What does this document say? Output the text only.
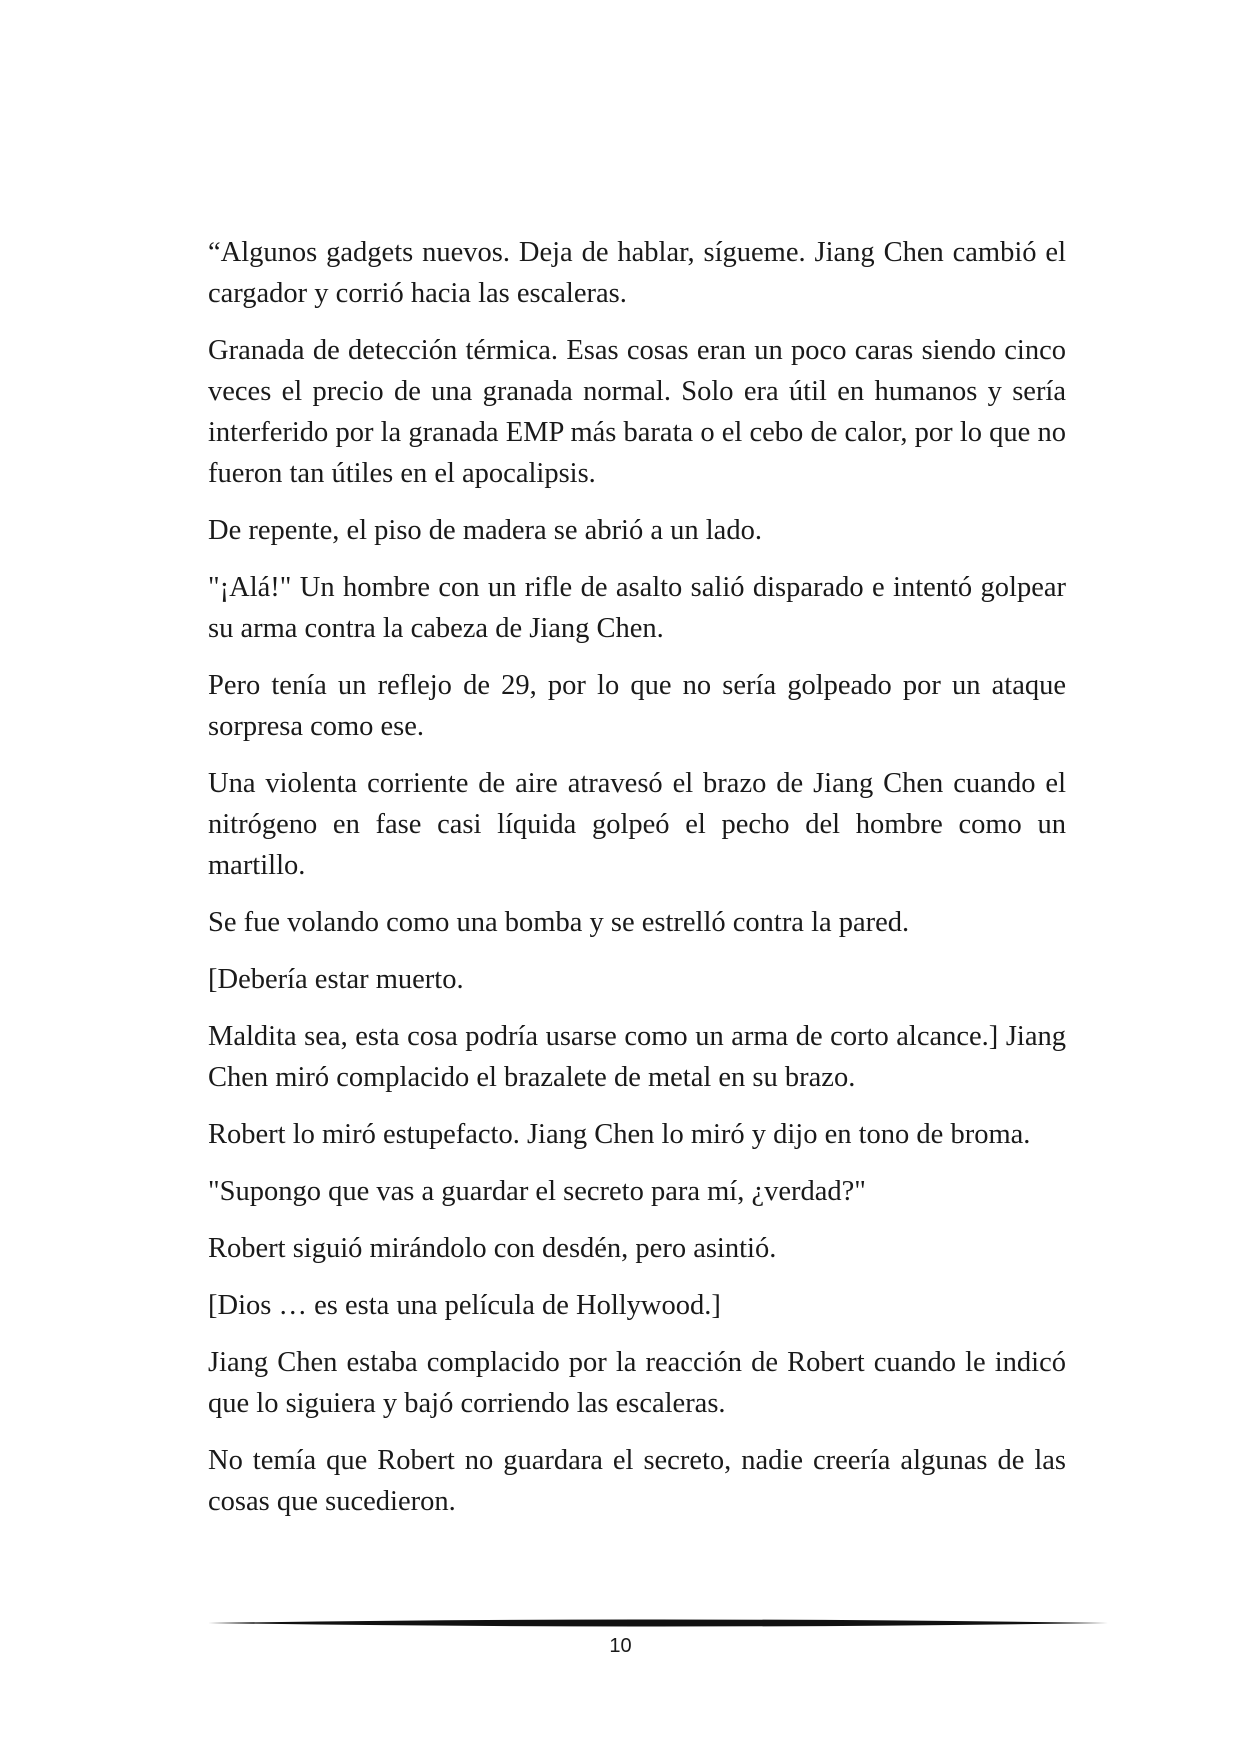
“Algunos gadgets nuevos. Deja de hablar, sígueme. Jiang Chen cambió el cargador y corrió hacia las escaleras.

Granada de detección térmica. Esas cosas eran un poco caras siendo cinco veces el precio de una granada normal. Solo era útil en humanos y sería interferido por la granada EMP más barata o el cebo de calor, por lo que no fueron tan útiles en el apocalipsis.

De repente, el piso de madera se abrió a un lado.

"¡Alá!" Un hombre con un rifle de asalto salió disparado e intentó golpear su arma contra la cabeza de Jiang Chen.

Pero tenía un reflejo de 29, por lo que no sería golpeado por un ataque sorpresa como ese.

Una violenta corriente de aire atravesó el brazo de Jiang Chen cuando el nitrógeno en fase casi líquida golpeó el pecho del hombre como un martillo.

Se fue volando como una bomba y se estrelló contra la pared.

[Debería estar muerto.

Maldita sea, esta cosa podría usarse como un arma de corto alcance.] Jiang Chen miró complacido el brazalete de metal en su brazo.

Robert lo miró estupefacto. Jiang Chen lo miró y dijo en tono de broma.

"Supongo que vas a guardar el secreto para mí, ¿verdad?"

Robert siguió mirándolo con desdén, pero asintió.

[Dios … es esta una película de Hollywood.]

Jiang Chen estaba complacido por la reacción de Robert cuando le indicó que lo siguiera y bajó corriendo las escaleras.

No temía que Robert no guardara el secreto, nadie creería algunas de las cosas que sucedieron.

10
